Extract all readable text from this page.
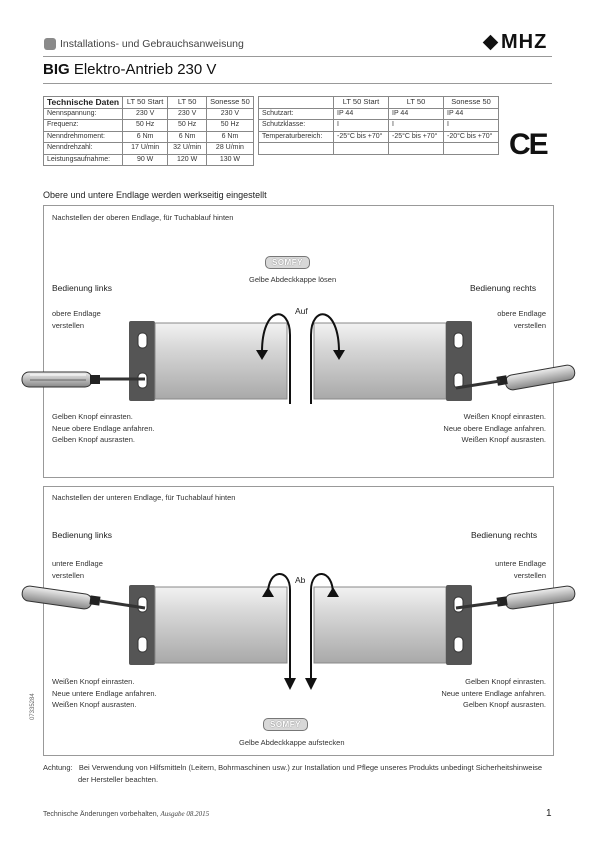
Installations- und Gebrauchsanweisung	MHZ
BIG Elektro-Antrieb 230 V
Technische Daten	LT 50 Start	LT 50	Sonesse 50
Nennspannung:	230 V	230 V	230 V
Frequenz:	50 Hz	50 Hz	50 Hz
Nenndrehmoment:	6 Nm	6 Nm	6 Nm
Nenndrehzahl:	17 U/min	32 U/min	28 U/min
Leistungsaufnahme:	90 W	120 W	130 W
	LT 50 Start	LT 50	Sonesse 50
Schutzart:	IP 44	IP 44	IP 44
Schutzklasse:	I	I	I
Temperaturbereich:	-25°C bis +70°	-25°C bis +70°	-20°C bis +70°
			CE
Obere und untere Endlage werden werkseitig eingestellt
Nachstellen der oberen Endlage, für Tuchablauf hinten
SOMFY
Gelbe Abdeckkappe lösen
Bedienung links	Bedienung rechts
Auf
obere Endlage
verstellen
obere Endlage
verstellen
Gelben Knopf einrasten.
Neue obere Endlage anfahren.
Gelben Knopf ausrasten.
Weißen Knopf einrasten.
Neue obere Endlage anfahren.
Weißen Knopf ausrasten.
Nachstellen der unteren Endlage, für Tuchablauf hinten
Bedienung links	Bedienung rechts
untere Endlage
verstellen
untere Endlage
verstellen
Ab
Weißen Knopf einrasten.
Neue untere Endlage anfahren.
Weißen Knopf ausrasten.
Gelben Knopf einrasten.
Neue untere Endlage anfahren.
Gelben Knopf ausrasten.
SOMFY
Gelbe Abdeckkappe aufstecken
07335284
Achtung: Bei Verwendung von Hilfsmitteln (Leitern, Bohrmaschinen usw.) zur Installation und Pflege unseres Produkts unbedingt Sicherheitshinweise
der Hersteller beachten.
Technische Änderungen vorbehalten, Ausgabe 08.2015	1
